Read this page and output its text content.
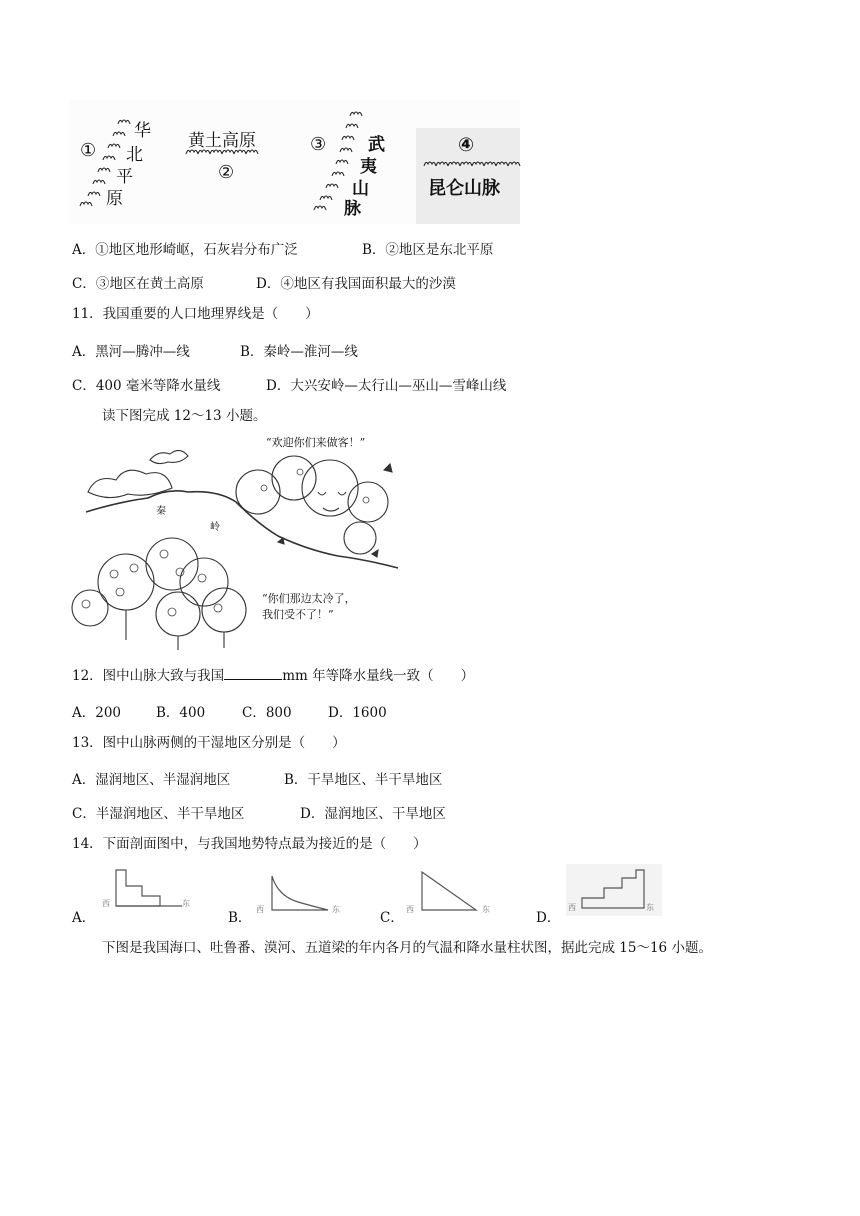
①
华
北
平
原
黄土高原
②
③ 武
夷
山
脉
④
昆仑山脉
A．①地区地形崎岖，石灰岩分布广泛	B．②地区是东北平原
C．③地区在黄土高原	D．④地区有我国面积最大的沙漠
11．我国重要的人口地理界线是（　　）
A．黑河—腾冲—线	B．秦岭—淮河—线
C．400 毫米等降水量线	D．大兴安岭—太行山—巫山—雪峰山线
读下图完成 12～13 小题。
“欢迎你们来做客！”
“你们那边太冷了，
我们受不了！”
秦
岭
12．图中山脉大致与我国	mm 年等降水量线一致（　　）
A．200	B．400	C．800	D．1600
13．图中山脉两侧的干湿地区分别是（　　）
A．湿润地区、半湿润地区	B．干旱地区、半干旱地区
C．半湿润地区、半干旱地区	D．湿润地区、干旱地区
14．下面剖面图中，与我国地势特点最为接近的是（　　）
A．	B．	C．	D．
西	东
西	东	西	东	西	东
下图是我国海口、吐鲁番、漠河、五道梁的年内各月的气温和降水量柱状图，据此完成 15～16 小题。
